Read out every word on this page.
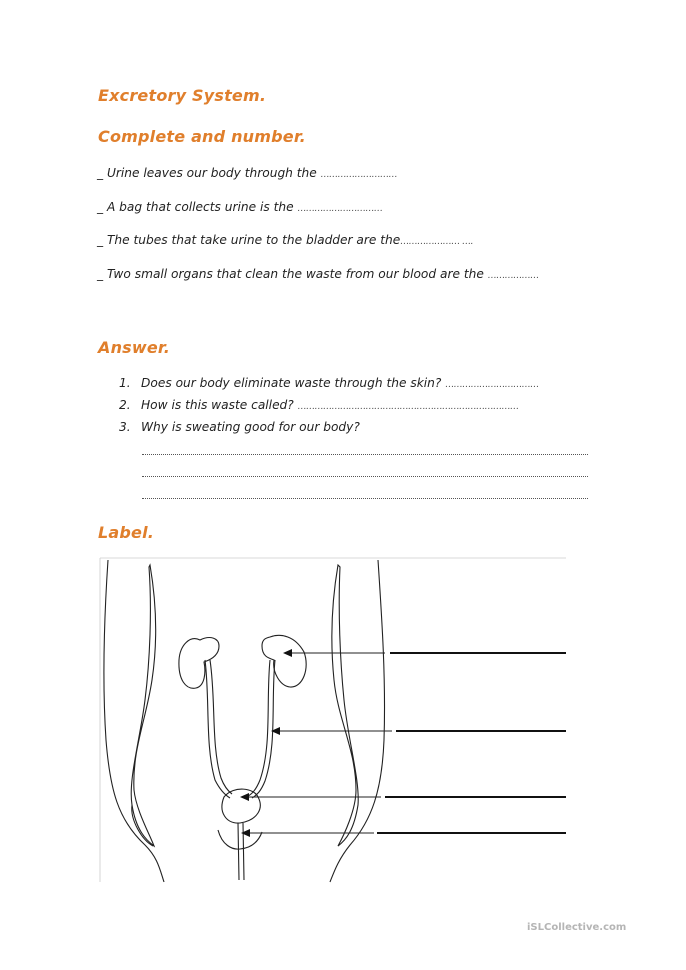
Excretory System.
Complete and number.
_ Urine leaves our body through the ………………………
_ A bag that collects urine is the …………………………
_ The tubes that take urine to the bladder are the………………… ….
_ Two small organs that clean the waste from our blood are the ………………
Answer.
1. Does our body eliminate waste through the skin? ……………………………
2. How is this waste called? ……………………………………………………………………
3. Why is sweating good for our body?
Label.
iSLCollective.com
